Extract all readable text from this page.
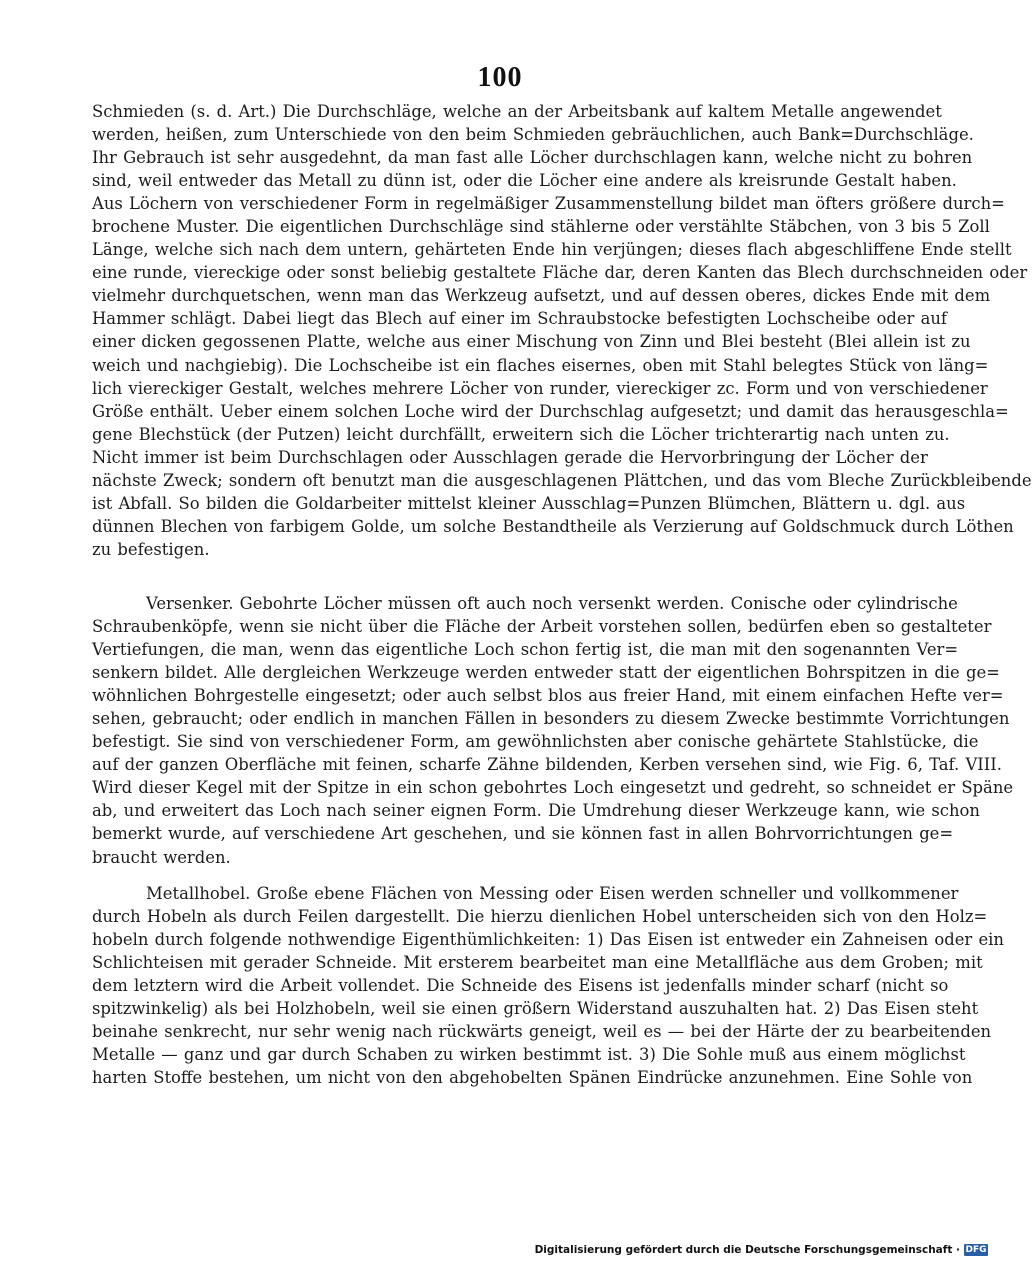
100
Schmieden (s. d. Art.) Die Durchschläge, welche an der Arbeitsbank auf kaltem Metalle angewendet
werden, heißen, zum Unterschiede von den beim Schmieden gebräuchlichen, auch Bank=Durchschläge.
Ihr Gebrauch ist sehr ausgedehnt, da man fast alle Löcher durchschlagen kann, welche nicht zu bohren
sind, weil entweder das Metall zu dünn ist, oder die Löcher eine andere als kreisrunde Gestalt haben.
Aus Löchern von verschiedener Form in regelmäßiger Zusammenstellung bildet man öfters größere durch=
brochene Muster. Die eigentlichen Durchschläge sind stählerne oder verstählte Stäbchen, von 3 bis 5 Zoll
Länge, welche sich nach dem untern, gehärteten Ende hin verjüngen; dieses flach abgeschliffene Ende stellt
eine runde, viereckige oder sonst beliebig gestaltete Fläche dar, deren Kanten das Blech durchschneiden oder
vielmehr durchquetschen, wenn man das Werkzeug aufsetzt, und auf dessen oberes, dickes Ende mit dem
Hammer schlägt. Dabei liegt das Blech auf einer im Schraubstocke befestigten Lochscheibe oder auf
einer dicken gegossenen Platte, welche aus einer Mischung von Zinn und Blei besteht (Blei allein ist zu
weich und nachgiebig). Die Lochscheibe ist ein flaches eisernes, oben mit Stahl belegtes Stück von läng=
lich viereckiger Gestalt, welches mehrere Löcher von runder, viereckiger zc. Form und von verschiedener
Größe enthält. Ueber einem solchen Loche wird der Durchschlag aufgesetzt; und damit das herausgeschla=
gene Blechstück (der Putzen) leicht durchfällt, erweitern sich die Löcher trichterartig nach unten zu.
Nicht immer ist beim Durchschlagen oder Ausschlagen gerade die Hervorbringung der Löcher der
nächste Zweck; sondern oft benutzt man die ausgeschlagenen Plättchen, und das vom Bleche Zurückbleibende
ist Abfall. So bilden die Goldarbeiter mittelst kleiner Ausschlag=Punzen Blümchen, Blättern u. dgl. aus
dünnen Blechen von farbigem Golde, um solche Bestandtheile als Verzierung auf Goldschmuck durch Löthen
zu befestigen.
Versenker. Gebohrte Löcher müssen oft auch noch versenkt werden. Conische oder cylindrische
Schraubenköpfe, wenn sie nicht über die Fläche der Arbeit vorstehen sollen, bedürfen eben so gestalteter
Vertiefungen, die man, wenn das eigentliche Loch schon fertig ist, die man mit den sogenannten Ver=
senkern bildet. Alle dergleichen Werkzeuge werden entweder statt der eigentlichen Bohrspitzen in die ge=
wöhnlichen Bohrgestelle eingesetzt; oder auch selbst blos aus freier Hand, mit einem einfachen Hefte ver=
sehen, gebraucht; oder endlich in manchen Fällen in besonders zu diesem Zwecke bestimmte Vorrichtungen
befestigt. Sie sind von verschiedener Form, am gewöhnlichsten aber conische gehärtete Stahlstücke, die
auf der ganzen Oberfläche mit feinen, scharfe Zähne bildenden, Kerben versehen sind, wie Fig. 6, Taf. VIII.
Wird dieser Kegel mit der Spitze in ein schon gebohrtes Loch eingesetzt und gedreht, so schneidet er Späne
ab, und erweitert das Loch nach seiner eignen Form. Die Umdrehung dieser Werkzeuge kann, wie schon
bemerkt wurde, auf verschiedene Art geschehen, und sie können fast in allen Bohrvorrichtungen ge=
braucht werden.
Metallhobel. Große ebene Flächen von Messing oder Eisen werden schneller und vollkommener
durch Hobeln als durch Feilen dargestellt. Die hierzu dienlichen Hobel unterscheiden sich von den Holz=
hobeln durch folgende nothwendige Eigenthümlichkeiten: 1) Das Eisen ist entweder ein Zahneisen oder ein
Schlichteisen mit gerader Schneide. Mit ersterem bearbeitet man eine Metallfläche aus dem Groben; mit
dem letztern wird die Arbeit vollendet. Die Schneide des Eisens ist jedenfalls minder scharf (nicht so
spitzwinkelig) als bei Holzhobeln, weil sie einen größern Widerstand auszuhalten hat. 2) Das Eisen steht
beinahe senkrecht, nur sehr wenig nach rückwärts geneigt, weil es — bei der Härte der zu bearbeitenden
Metalle — ganz und gar durch Schaben zu wirken bestimmt ist. 3) Die Sohle muß aus einem möglichst
harten Stoffe bestehen, um nicht von den abgehobelten Spänen Eindrücke anzunehmen. Eine Sohle von
Digitalisierung gefördert durch die Deutsche Forschungsgemeinschaft · DFG
